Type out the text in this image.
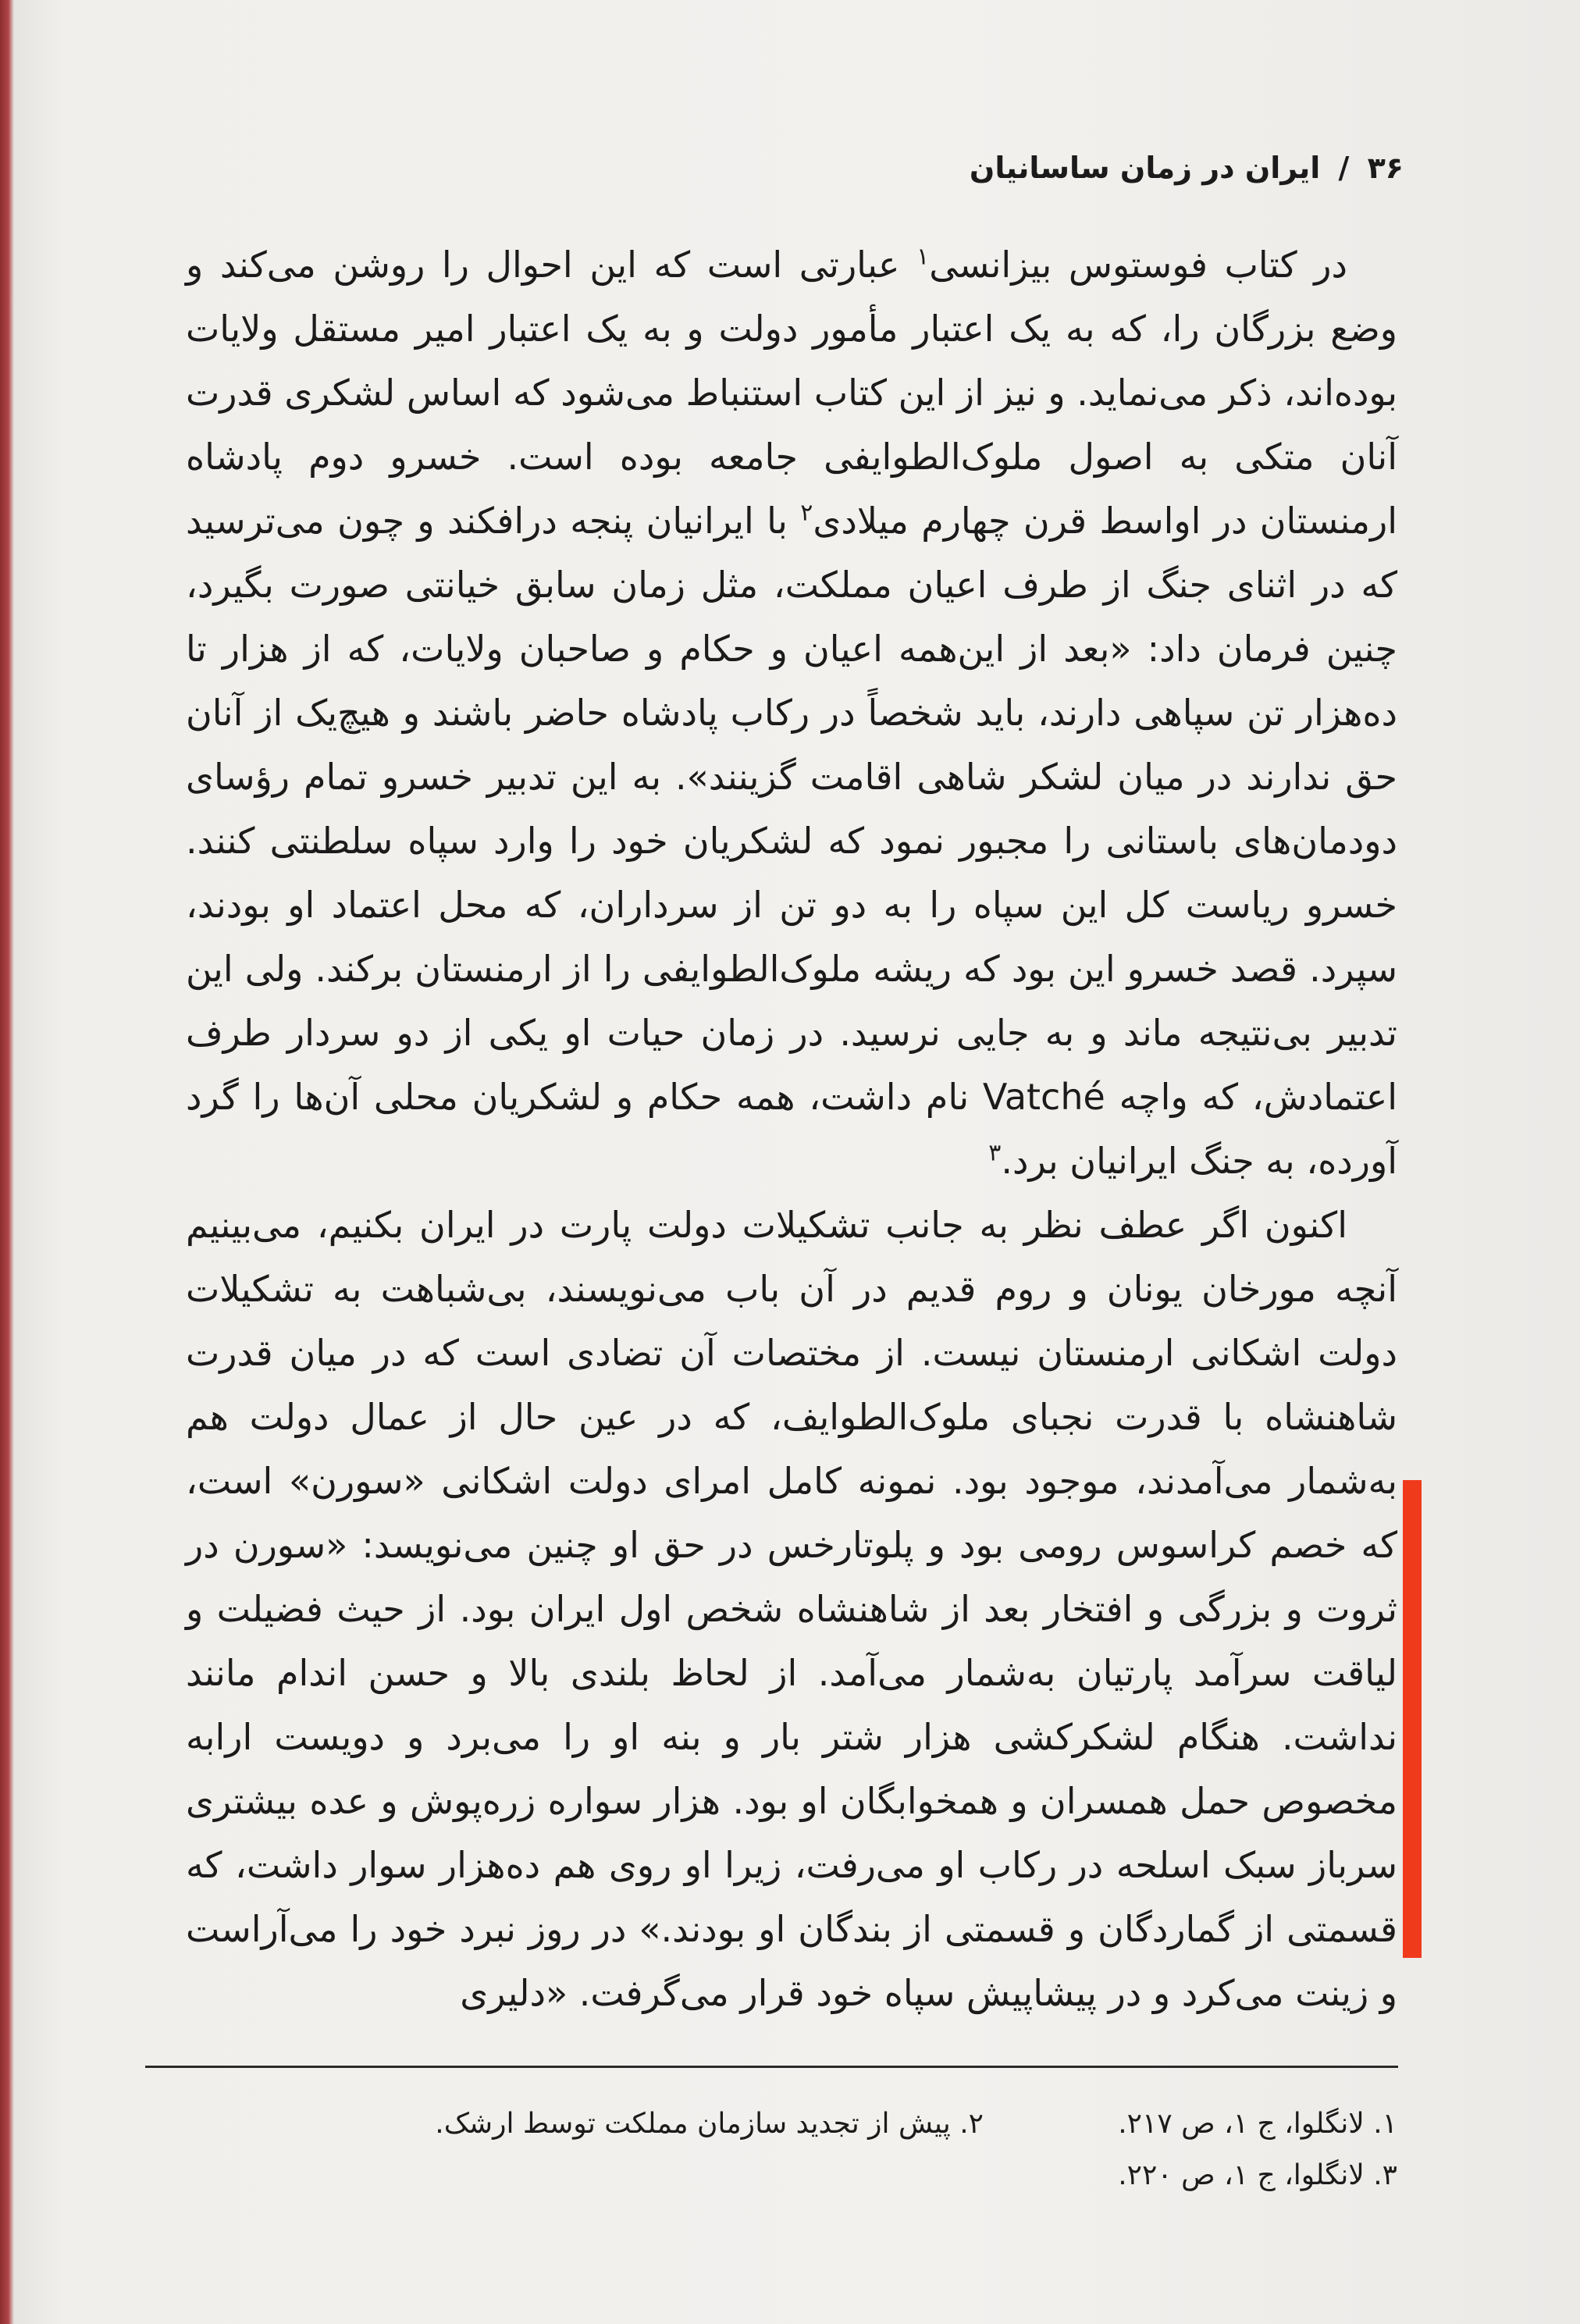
۳۶ / ایران در زمان ساسانیان

در کتاب فوستوس بیزانسی$^۱$ عبارتی است که این احوال را روشن می‌کند و وضع بزرگان را، که به یک اعتبار مأمور دولت و به یک اعتبار امیر مستقل ولایات بوده‌اند، ذکر می‌نماید. و نیز از این کتاب استنباط می‌شود که اساس لشکری قدرت آنان متکی به اصول ملوک‌الطوایفی جامعه بوده است. خسرو دوم پادشاه ارمنستان در اواسط قرن چهارم میلادی$^۲$ با ایرانیان پنجه درافکند و چون می‌ترسید که در اثنای جنگ از طرف اعیان مملکت، مثل زمان سابق خیانتی صورت بگیرد، چنین فرمان داد: «بعد از این‌همه اعیان و حکام و صاحبان ولایات، که از هزار تا ده‌هزار تن سپاهی دارند، باید شخصاً در رکاب پادشاه حاضر باشند و هیچ‌یک از آنان حق ندارند در میان لشکر شاهی اقامت گزینند». به این تدبیر خسرو تمام رؤسای دودمان‌های باستانی را مجبور نمود که لشکریان خود را وارد سپاه سلطنتی کنند. خسرو ریاست کل این سپاه را به دو تن از سرداران، که محل اعتماد او بودند، سپرد. قصد خسرو این بود که ریشه ملوک‌الطوایفی را از ارمنستان برکند. ولی این تدبیر بی‌نتیجه ماند و به جایی نرسید. در زمان حیات او یکی از دو سردار طرف اعتمادش، که واچه Vatché نام داشت، همه حکام و لشکریان محلی آن‌ها را گرد آورده، به جنگ ایرانیان برد.$^۳$

اکنون اگر عطف نظر به جانب تشکیلات دولت پارت در ایران بکنیم، می‌بینیم آنچه مورخان یونان و روم قدیم در آن باب می‌نویسند، بی‌شباهت به تشکیلات دولت اشکانی ارمنستان نیست. از مختصات آن تضادی است که در میان قدرت شاهنشاه با قدرت نجبای ملوک‌الطوایف، که در عین حال از عمال دولت هم به‌شمار می‌آمدند، موجود بود. نمونه کامل امرای دولت اشکانی «سورن» است، که خصم کراسوس رومی بود و پلوتارخس در حق او چنین می‌نویسد: «سورن در ثروت و بزرگی و افتخار بعد از شاهنشاه شخص اول ایران بود. از حیث فضیلت و لیاقت سرآمد پارتیان به‌شمار می‌آمد. از لحاظ بلندی بالا و حسن اندام مانند نداشت. هنگام لشکرکشی هزار شتر بار و بنه او را می‌برد و دویست ارابه مخصوص حمل همسران و همخوابگان او بود. هزار سواره زره‌پوش و عده بیشتری سرباز سبک اسلحه در رکاب او می‌رفت، زیرا او روی هم ده‌هزار سوار داشت، که قسمتی از گماردگان و قسمتی از بندگان او بودند.» در روز نبرد خود را می‌آراست و زینت می‌کرد و در پیشاپیش سپاه خود قرار می‌گرفت. «دلیری

۱. لانگلوا، ج ۱، ص ۲۱۷.
۲. پیش از تجدید سازمان مملکت توسط ارشک.
۳. لانگلوا، ج ۱، ص ۲۲۰.
